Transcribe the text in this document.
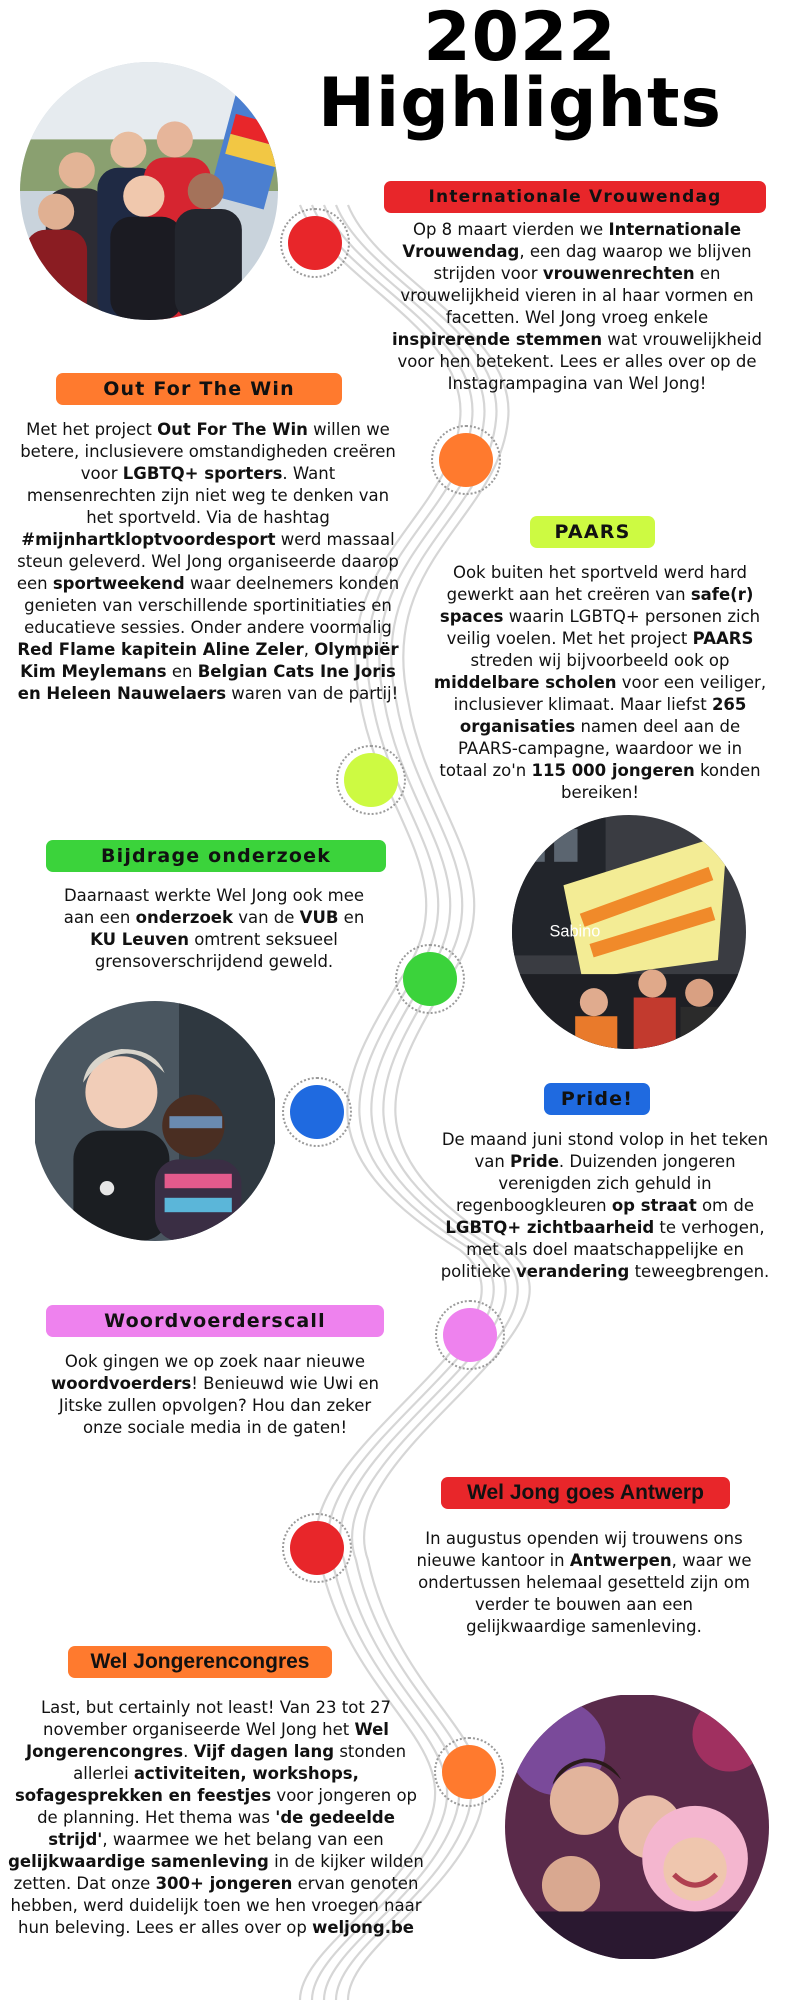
2022
Highlights
Sabino
Internationale Vrouwendag

Op 8 maart vierden we Internationale Vrouwendag, een dag waarop we blijven strijden voor vrouwenrechten en vrouwelijkheid vieren in al haar vormen en facetten. Wel Jong vroeg enkele inspirerende stemmen wat vrouwelijkheid voor hen betekent. Lees er alles over op de Instagrampagina van Wel Jong!

Out For The Win

Met het project Out For The Win willen we betere, inclusievere omstandigheden creëren voor LGBTQ+ sporters. Want mensenrechten zijn niet weg te denken van het sportveld. Via de hashtag #mijnhartkloptvoordesport werd massaal steun geleverd. Wel Jong organiseerde daarop een sportweekend waar deelnemers konden genieten van verschillende sportinitiaties en educatieve sessies. Onder andere voormalig Red Flame kapitein Aline Zeler, Olympiër Kim Meylemans en Belgian Cats Ine Joris en Heleen Nauwelaers waren van de partij!

PAARS

Ook buiten het sportveld werd hard gewerkt aan het creëren van safe(r) spaces waarin LGBTQ+ personen zich veilig voelen. Met het project PAARS streden wij bijvoorbeeld ook op middelbare scholen voor een veiliger, inclusiever klimaat. Maar liefst 265 organisaties namen deel aan de PAARS-campagne, waardoor we in totaal zo'n 115 000 jongeren konden bereiken!

Bijdrage onderzoek

Daarnaast werkte Wel Jong ook mee aan een onderzoek van de VUB en KU Leuven omtrent seksueel grensoverschrijdend geweld.

Pride!

De maand juni stond volop in het teken van Pride. Duizenden jongeren verenigden zich gehuld in regenboogkleuren op straat om de LGBTQ+ zichtbaarheid te verhogen, met als doel maatschappelijke en politieke verandering teweegbrengen.

Woordvoerderscall

Ook gingen we op zoek naar nieuwe woordvoerders! Benieuwd wie Uwi en Jitske zullen opvolgen? Hou dan zeker onze sociale media in de gaten!

Wel Jong goes Antwerp

In augustus openden wij trouwens ons nieuwe kantoor in Antwerpen, waar we ondertussen helemaal gesetteld zijn om verder te bouwen aan een gelijkwaardige samenleving.

Wel Jongerencongres

Last, but certainly not least! Van 23 tot 27 november organiseerde Wel Jong het Wel Jongerencongres. Vijf dagen lang stonden allerlei activiteiten, workshops, sofagesprekken en feestjes voor jongeren op de planning. Het thema was 'de gedeelde strijd', waarmee we het belang van een gelijkwaardige samenleving in de kijker wilden zetten. Dat onze 300+ jongeren ervan genoten hebben, werd duidelijk toen we hen vroegen naar hun beleving. Lees er alles over op weljong.be
